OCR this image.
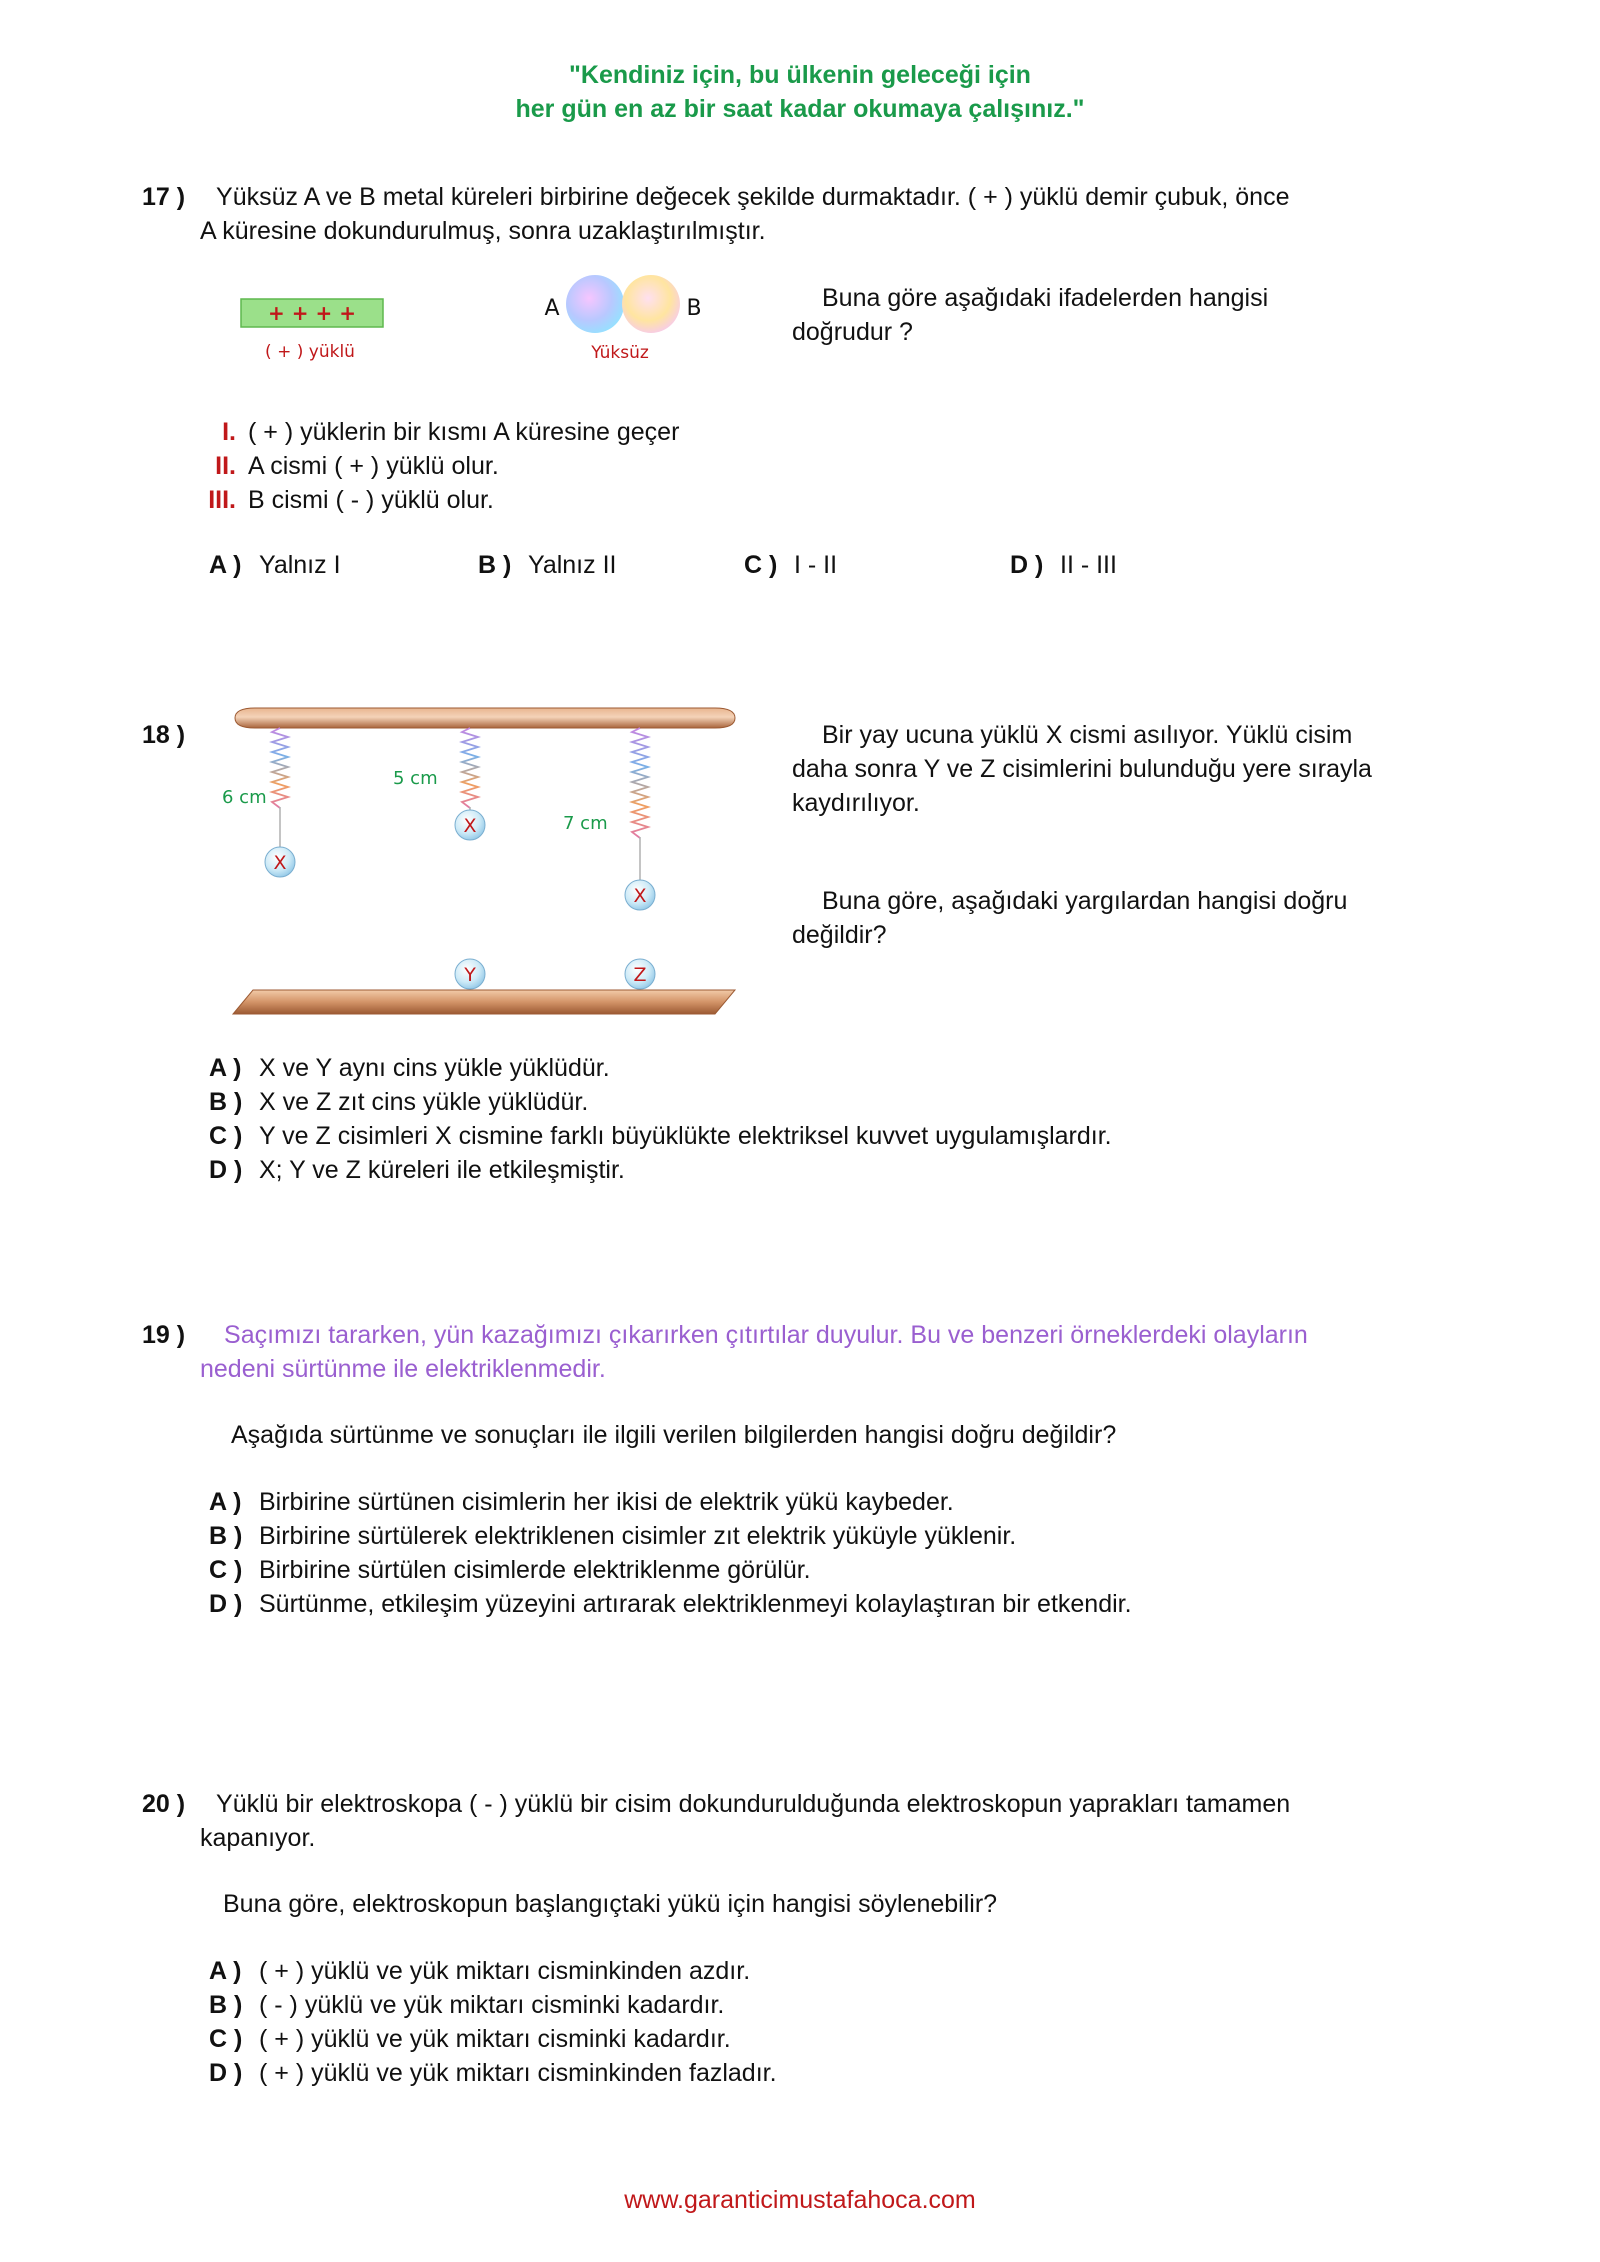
"Kendiniz için, bu ülkenin geleceği için
her gün en az bir saat kadar okumaya çalışınız."
17 ) Yüksüz A ve B metal küreleri birbirine değecek şekilde durmaktadır. ( + ) yüklü demir çubuk, önce
A küresine dokundurulmuş, sonra uzaklaştırılmıştır.
+ + + +
( + ) yüklü
A	B
Yüksüz
Buna göre aşağıdaki ifadelerden hangisi
doğrudur ?
I. ( + ) yüklerin bir kısmı A küresine geçer
II. A cismi ( + ) yüklü olur.
III. B cismi ( - ) yüklü olur.
A ) Yalnız I	B ) Yalnız II	C ) I - II	D ) II - III
18 )
X
X
X
6 cm
5 cm
7 cm
Y	Z
Bir yay ucuna yüklü X cismi asılıyor. Yüklü cisim
daha sonra Y ve Z cisimlerini bulunduğu yere sırayla
kaydırılıyor.
Buna göre, aşağıdaki yargılardan hangisi doğru
değildir?
A ) X ve Y aynı cins yükle yüklüdür.
B ) X ve Z zıt cins yükle yüklüdür.
C ) Y ve Z cisimleri X cismine farklı büyüklükte elektriksel kuvvet uygulamışlardır.
D ) X; Y ve Z küreleri ile etkileşmiştir.
19 ) Saçımızı tararken, yün kazağımızı çıkarırken çıtırtılar duyulur. Bu ve benzeri örneklerdeki olayların
nedeni sürtünme ile elektriklenmedir.
Aşağıda sürtünme ve sonuçları ile ilgili verilen bilgilerden hangisi doğru değildir?
A ) Birbirine sürtünen cisimlerin her ikisi de elektrik yükü kaybeder.
B ) Birbirine sürtülerek elektriklenen cisimler zıt elektrik yüküyle yüklenir.
C ) Birbirine sürtülen cisimlerde elektriklenme görülür.
D ) Sürtünme, etkileşim yüzeyini artırarak elektriklenmeyi kolaylaştıran bir etkendir.
20 ) Yüklü bir elektroskopa ( - ) yüklü bir cisim dokundurulduğunda elektroskopun yaprakları tamamen
kapanıyor.
Buna göre, elektroskopun başlangıçtaki yükü için hangisi söylenebilir?
A ) ( + ) yüklü ve yük miktarı cisminkinden azdır.
B ) ( - ) yüklü ve yük miktarı cisminki kadardır.
C ) ( + ) yüklü ve yük miktarı cisminki kadardır.
D ) ( + ) yüklü ve yük miktarı cisminkinden fazladır.
www.garanticimustafahoca.com
